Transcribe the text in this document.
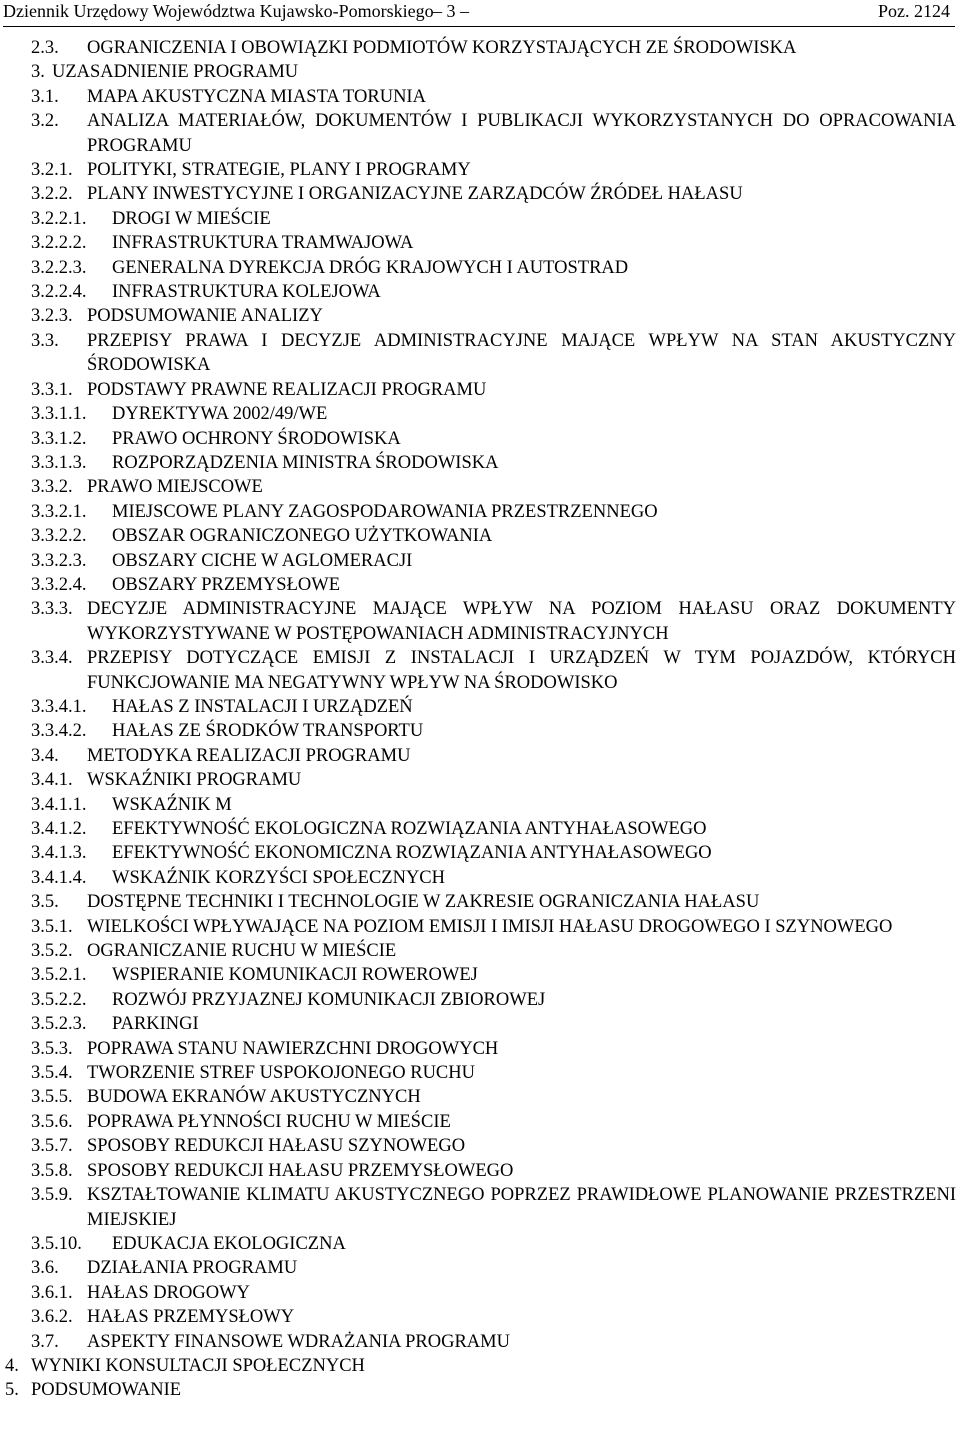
Dziennik Urzędowy Województwa Kujawsko-Pomorskiego – 3 –	Poz. 2124
2.3. OGRANICZENIA I OBOWIĄZKI PODMIOTÓW KORZYSTAJĄCYCH ZE ŚRODOWISKA
3. UZASADNIENIE PROGRAMU
3.1. MAPA AKUSTYCZNA MIASTA TORUNIA
3.2. ANALIZA MATERIAŁÓW, DOKUMENTÓW I PUBLIKACJI WYKORZYSTANYCH DO OPRACOWANIA PROGRAMU
3.2.1. POLITYKI, STRATEGIE, PLANY I PROGRAMY
3.2.2. PLANY INWESTYCYJNE I ORGANIZACYJNE ZARZĄDCÓW ŹRÓDEŁ HAŁASU
3.2.2.1. DROGI W MIEŚCIE
3.2.2.2. INFRASTRUKTURA TRAMWAJOWA
3.2.2.3. GENERALNA DYREKCJA DRÓG KRAJOWYCH I AUTOSTRAD
3.2.2.4. INFRASTRUKTURA KOLEJOWA
3.2.3. PODSUMOWANIE ANALIZY
3.3. PRZEPISY PRAWA I DECYZJE ADMINISTRACYJNE MAJĄCE WPŁYW NA STAN AKUSTYCZNY ŚRODOWISKA
3.3.1. PODSTAWY PRAWNE REALIZACJI PROGRAMU
3.3.1.1. DYREKTYWA 2002/49/WE
3.3.1.2. PRAWO OCHRONY ŚRODOWISKA
3.3.1.3. ROZPORZĄDZENIA MINISTRA ŚRODOWISKA
3.3.2. PRAWO MIEJSCOWE
3.3.2.1. MIEJSCOWE PLANY ZAGOSPODAROWANIA PRZESTRZENNEGO
3.3.2.2. OBSZAR OGRANICZONEGO UŻYTKOWANIA
3.3.2.3. OBSZARY CICHE W AGLOMERACJI
3.3.2.4. OBSZARY PRZEMYSŁOWE
3.3.3. DECYZJE ADMINISTRACYJNE MAJĄCE WPŁYW NA POZIOM HAŁASU ORAZ DOKUMENTY WYKORZYSTYWANE W POSTĘPOWANIACH ADMINISTRACYJNYCH
3.3.4. PRZEPISY DOTYCZĄCE EMISJI Z INSTALACJI I URZĄDZEŃ W TYM POJAZDÓW, KTÓRYCH FUNKCJOWANIE MA NEGATYWNY WPŁYW NA ŚRODOWISKO
3.3.4.1. HAŁAS Z INSTALACJI I URZĄDZEŃ
3.3.4.2. HAŁAS ZE ŚRODKÓW TRANSPORTU
3.4. METODYKA REALIZACJI PROGRAMU
3.4.1. WSKAŹNIKI PROGRAMU
3.4.1.1. WSKAŹNIK M
3.4.1.2. EFEKTYWNOŚĆ EKOLOGICZNA ROZWIĄZANIA ANTYHAŁASOWEGO
3.4.1.3. EFEKTYWNOŚĆ EKONOMICZNA ROZWIĄZANIA ANTYHAŁASOWEGO
3.4.1.4. WSKAŹNIK KORZYŚCI SPOŁECZNYCH
3.5. DOSTĘPNE TECHNIKI I TECHNOLOGIE W ZAKRESIE OGRANICZANIA HAŁASU
3.5.1. WIELKOŚCI WPŁYWAJĄCE NA POZIOM EMISJI I IMISJI HAŁASU DROGOWEGO I SZYNOWEGO
3.5.2. OGRANICZANIE RUCHU W MIEŚCIE
3.5.2.1. WSPIERANIE KOMUNIKACJI ROWEROWEJ
3.5.2.2. ROZWÓJ PRZYJAZNEJ KOMUNIKACJI ZBIOROWEJ
3.5.2.3. PARKINGI
3.5.3. POPRAWA STANU NAWIERZCHNI DROGOWYCH
3.5.4. TWORZENIE STREF USPOKOJONEGO RUCHU
3.5.5. BUDOWA EKRANÓW AKUSTYCZNYCH
3.5.6. POPRAWA PŁYNNOŚCI RUCHU W MIEŚCIE
3.5.7. SPOSOBY REDUKCJI HAŁASU SZYNOWEGO
3.5.8. SPOSOBY REDUKCJI HAŁASU PRZEMYSŁOWEGO
3.5.9. KSZTAŁTOWANIE KLIMATU AKUSTYCZNEGO POPRZEZ PRAWIDŁOWE PLANOWANIE PRZESTRZENI MIEJSKIEJ
3.5.10. EDUKACJA EKOLOGICZNA
3.6. DZIAŁANIA PROGRAMU
3.6.1. HAŁAS DROGOWY
3.6.2. HAŁAS PRZEMYSŁOWY
3.7. ASPEKTY FINANSOWE WDRAŻANIA PROGRAMU
4. WYNIKI KONSULTACJI SPOŁECZNYCH
5. PODSUMOWANIE
